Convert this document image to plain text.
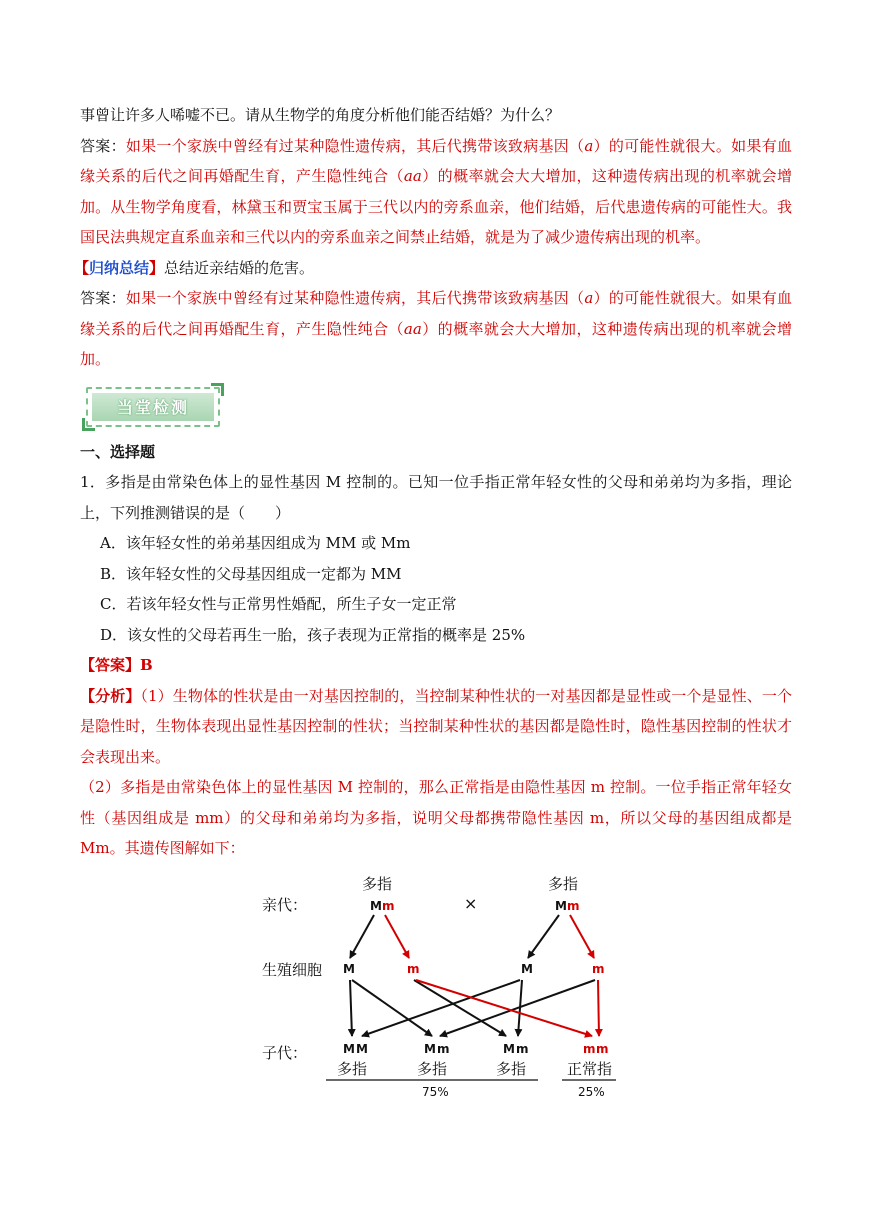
事曾让许多人唏嘘不已。请从生物学的角度分析他们能否结婚？为什么？

答案：如果一个家族中曾经有过某种隐性遗传病，其后代携带该致病基因（a）的可能性就很大。如果有血缘关系的后代之间再婚配生育，产生隐性纯合（aa）的概率就会大大增加，这种遗传病出现的机率就会增加。从生物学角度看，林黛玉和贾宝玉属于三代以内的旁系血亲，他们结婚，后代患遗传病的可能性大。我国民法典规定直系血亲和三代以内的旁系血亲之间禁止结婚，就是为了减少遗传病出现的机率。

【归纳总结】总结近亲结婚的危害。

答案：如果一个家族中曾经有过某种隐性遗传病，其后代携带该致病基因（a）的可能性就很大。如果有血缘关系的后代之间再婚配生育，产生隐性纯合（aa）的概率就会大大增加，这种遗传病出现的机率就会增加。

当堂检测

一、选择题

1．多指是由常染色体上的显性基因 M 控制的。已知一位手指正常年轻女性的父母和弟弟均为多指，理论上，下列推测错误的是（　　）

A．该年轻女性的弟弟基因组成为 MM 或 Mm

B．该年轻女性的父母基因组成一定都为 MM

C．若该年轻女性与正常男性婚配，所生子女一定正常

D．该女性的父母若再生一胎，孩子表现为正常指的概率是 25%

【答案】B

【分析】（1）生物体的性状是由一对基因控制的，当控制某种性状的一对基因都是显性或一个是显性、一个是隐性时，生物体表现出显性基因控制的性状；当控制某种性状的基因都是隐性时，隐性基因控制的性状才会表现出来。

（2）多指是由常染色体上的显性基因 M 控制的，那么正常指是由隐性基因 m 控制。一位手指正常年轻女性（基因组成是 mm）的父母和弟弟均为多指，说明父母都携带隐性基因 m，所以父母的基因组成都是 Mm。其遗传图解如下：

亲代：
生殖细胞
子代：
多指	多指
M m	×	M m
M	m	M	m
M M	M m	M m	m m
多指	多指	多指	正常指
75%	25%
